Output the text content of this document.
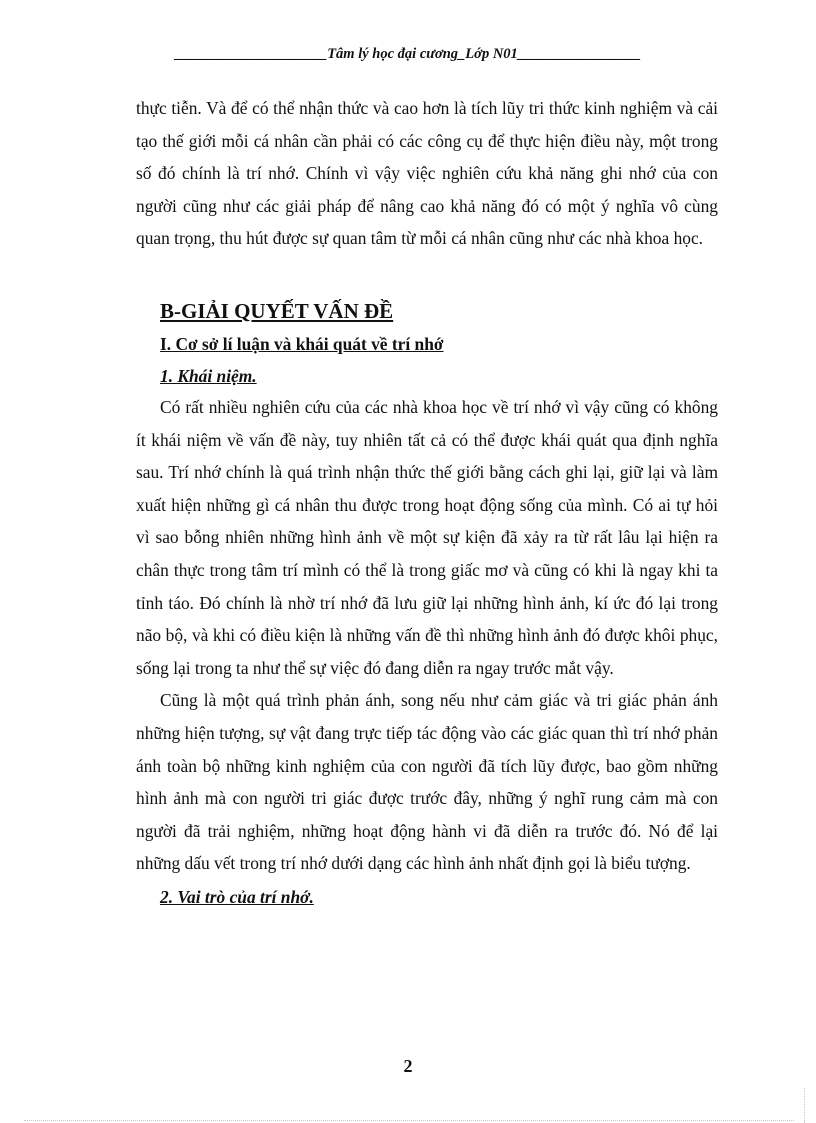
_____________________Tâm lý học đại cương_Lớp N01_________________

thực tiễn. Và để có thể nhận thức và cao hơn là tích lũy tri thức kinh nghiệm và cải tạo thế giới mỗi cá nhân cần phải có các công cụ để thực hiện điều này, một trong số đó chính là trí nhớ. Chính vì vậy việc nghiên cứu khả năng ghi nhớ của con người cũng như các giải pháp để nâng cao khả năng đó có một ý nghĩa vô cùng quan trọng, thu hút được sự quan tâm từ mỗi cá nhân cũng như các nhà khoa học.

B-GIẢI QUYẾT VẤN ĐỀ
I. Cơ sở lí luận và khái quát về trí nhớ
1. Khái niệm.

Có rất nhiều nghiên cứu của các nhà khoa học về trí nhớ vì vậy cũng có không ít khái niệm về vấn đề này, tuy nhiên tất cả có thể được khái quát qua định nghĩa sau. Trí nhớ chính là quá trình nhận thức thế giới bằng cách ghi lại, giữ lại và làm xuất hiện những gì cá nhân thu được trong hoạt động sống của mình. Có ai tự hỏi vì sao bỗng nhiên những hình ảnh về một sự kiện đã xảy ra từ rất lâu lại hiện ra chân thực trong tâm trí mình có thể là trong giấc mơ và cũng có khi là ngay khi ta tỉnh táo. Đó chính là nhờ trí nhớ đã lưu giữ lại những hình ảnh, kí ức đó lại trong não bộ, và khi có điều kiện là những vấn đề thì những hình ảnh đó được khôi phục, sống lại trong ta như thể sự việc đó đang diễn ra ngay trước mắt vậy.

Cũng là một quá trình phản ánh, song nếu như cảm giác và tri giác phản ánh những hiện tượng, sự vật đang trực tiếp tác động vào các giác quan thì trí nhớ phản ánh toàn bộ những kinh nghiệm của con người đã tích lũy được, bao gồm những hình ảnh mà con người tri giác được trước đây, những ý nghĩ rung cảm mà con người đã trải nghiệm, những hoạt động hành vi đã diễn ra trước đó. Nó để lại những dấu vết trong trí nhớ dưới dạng các hình ảnh nhất định gọi là biểu tượng.

2. Vai trò của trí nhớ.
2
